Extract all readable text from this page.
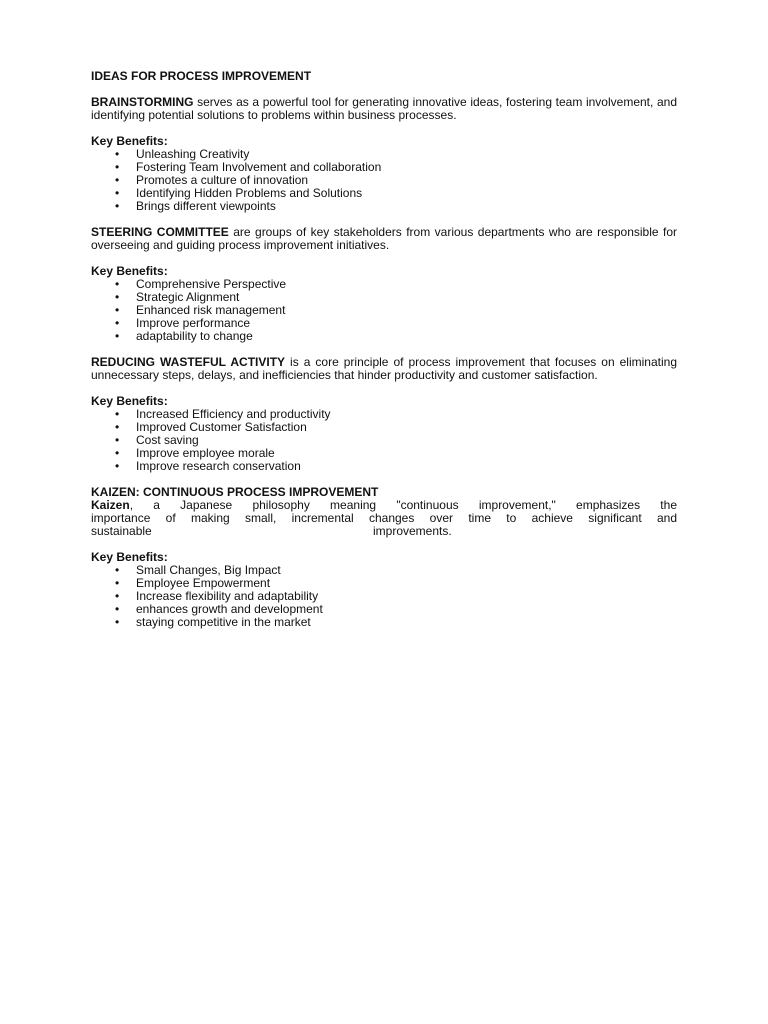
IDEAS FOR PROCESS IMPROVEMENT

BRAINSTORMING serves as a powerful tool for generating innovative ideas, fostering team involvement, and identifying potential solutions to problems within business processes.

Key Benefits:
• Unleashing Creativity
• Fostering Team Involvement and collaboration
• Promotes a culture of innovation
• Identifying Hidden Problems and Solutions
• Brings different viewpoints

STEERING COMMITTEE are groups of key stakeholders from various departments who are responsible for overseeing and guiding process improvement initiatives.

Key Benefits:
• Comprehensive Perspective
• Strategic Alignment
• Enhanced risk management
• Improve performance
• adaptability to change

REDUCING WASTEFUL ACTIVITY is a core principle of process improvement that focuses on eliminating unnecessary steps, delays, and inefficiencies that hinder productivity and customer satisfaction.

Key Benefits:
• Increased Efficiency and productivity
• Improved Customer Satisfaction
• Cost saving
• Improve employee morale
• Improve research conservation
KAIZEN: CONTINUOUS PROCESS IMPROVEMENT
Kaizen, a Japanese philosophy meaning "continuous improvement," emphasizes the
importance of making small, incremental changes over time to achieve significant and
sustainable	improvements.
Key Benefits:
• Small Changes, Big Impact
• Employee Empowerment
• Increase flexibility and adaptability
• enhances growth and development
• staying competitive in the market
